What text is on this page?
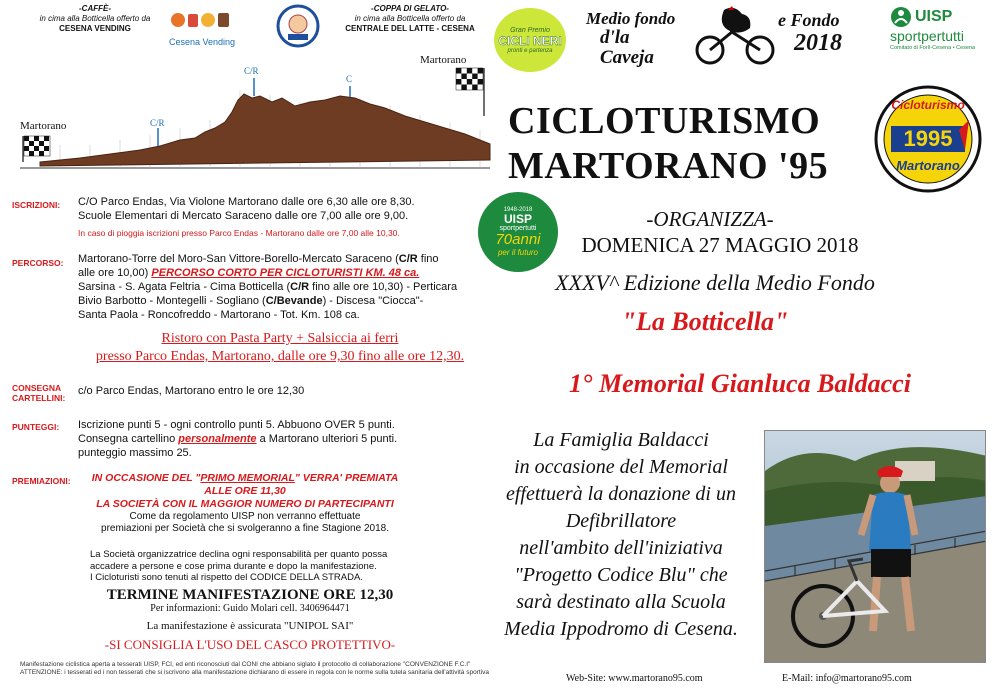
-CAFFÈ-
in cima alla Botticella offerto da
CESENA VENDING
Cesena Vending
-COPPA DI GELATO-
in cima alla Botticella offerto da
CENTRALE DEL LATTE - CESENA	Gran Premio
CICLI NERI
pronti e partenza
Medio fondo
d'la Caveja
e Fondo
2018
UISP
sportpertutti
Comitato di Forlì-Cesena • Cesena
Martorano
Martorano
C/R
C/R
C
ISCRIZIONI: C/O Parco Endas, Via Violone Martorano dalle ore 6,30 alle ore 8,30.
Scuole Elementari di Mercato Saraceno dalle ore 7,00 alle ore 9,00.
In caso di pioggia iscrizioni presso Parco Endas - Martorano dalle ore 7,00 alle 10,30.
PERCORSO: Martorano-Torre del Moro-San Vittore-Borello-Mercato Saraceno (C/R fino
alle ore 10,00) PERCORSO CORTO PER CICLOTURISTI KM. 48 ca.
Sarsina - S. Agata Feltria - Cima Botticella (C/R fino alle ore 10,30) - Perticara
Bivio Barbotto - Montegelli - Sogliano (C/Bevande) - Discesa "Ciocca"-
Santa Paola - Roncofreddo - Martorano - Tot. Km. 108 ca.
Ristoro con Pasta Party + Salsiccia ai ferri
presso Parco Endas, Martorano, dalle ore 9,30 fino alle ore 12,30.
CONSEGNA
CARTELLINI:
c/o Parco Endas, Martorano entro le ore 12,30
PUNTEGGI: Iscrizione punti 5 - ogni controllo punti 5. Abbuono OVER 5 punti.
Consegna cartellino personalmente a Martorano ulteriori 5 punti.
punteggio massimo 25.
PREMIAZIONI:	IN OCCASIONE DEL "PRIMO MEMORIAL" VERRA' PREMIATA
ALLE ORE 11,30
LA SOCIETÀ CON IL MAGGIOR NUMERO DI PARTECIPANTI
Come da regolamento UISP non verranno effettuate
premiazioni per Società che si svolgeranno a fine Stagione 2018.
La Società organizzatrice declina ogni responsabilità per quanto possa
accadere a persone e cose prima durante e dopo la manifestazione.
I Cicloturisti sono tenuti al rispetto del CODICE DELLA STRADA.
TERMINE MANIFESTAZIONE ORE 12,30
Per informazioni: Guido Molari cell. 3406964471
La manifestazione è assicurata "UNIPOL SAI"
-SI CONSIGLIA L'USO DEL CASCO PROTETTIVO-
Manifestazione ciclistica aperta a tesserati UISP, FCI, ed enti riconosciuti dal CONI che abbiano siglato il protocollo di collaborazione "CONVENZIONE F.C.I"
ATTENZIONE: i tesserati ed i non tesserati che si iscrivono alla manifestazione dichiarano di essere in regola con le norme sulla tutela sanitaria dell'attività sportiva
CICLOTURISMO
MARTORANO '95
Cicloturismo
1995
Martorano
1948-2018
UISP
sportpertutti
70anni
per il futuro
-ORGANIZZA-
DOMENICA 27 MAGGIO 2018
XXXV^ Edizione della Medio Fondo
"La Botticella"
1° Memorial Gianluca Baldacci
La Famiglia Baldacci
in occasione del Memorial
effettuerà la donazione di un
Defibrillatore
nell'ambito dell'iniziativa
"Progetto Codice Blu" che
sarà destinato alla Scuola
Media Ippodromo di Cesena.
Web-Site: www.martorano95.com	E-Mail: info@martorano95.com
